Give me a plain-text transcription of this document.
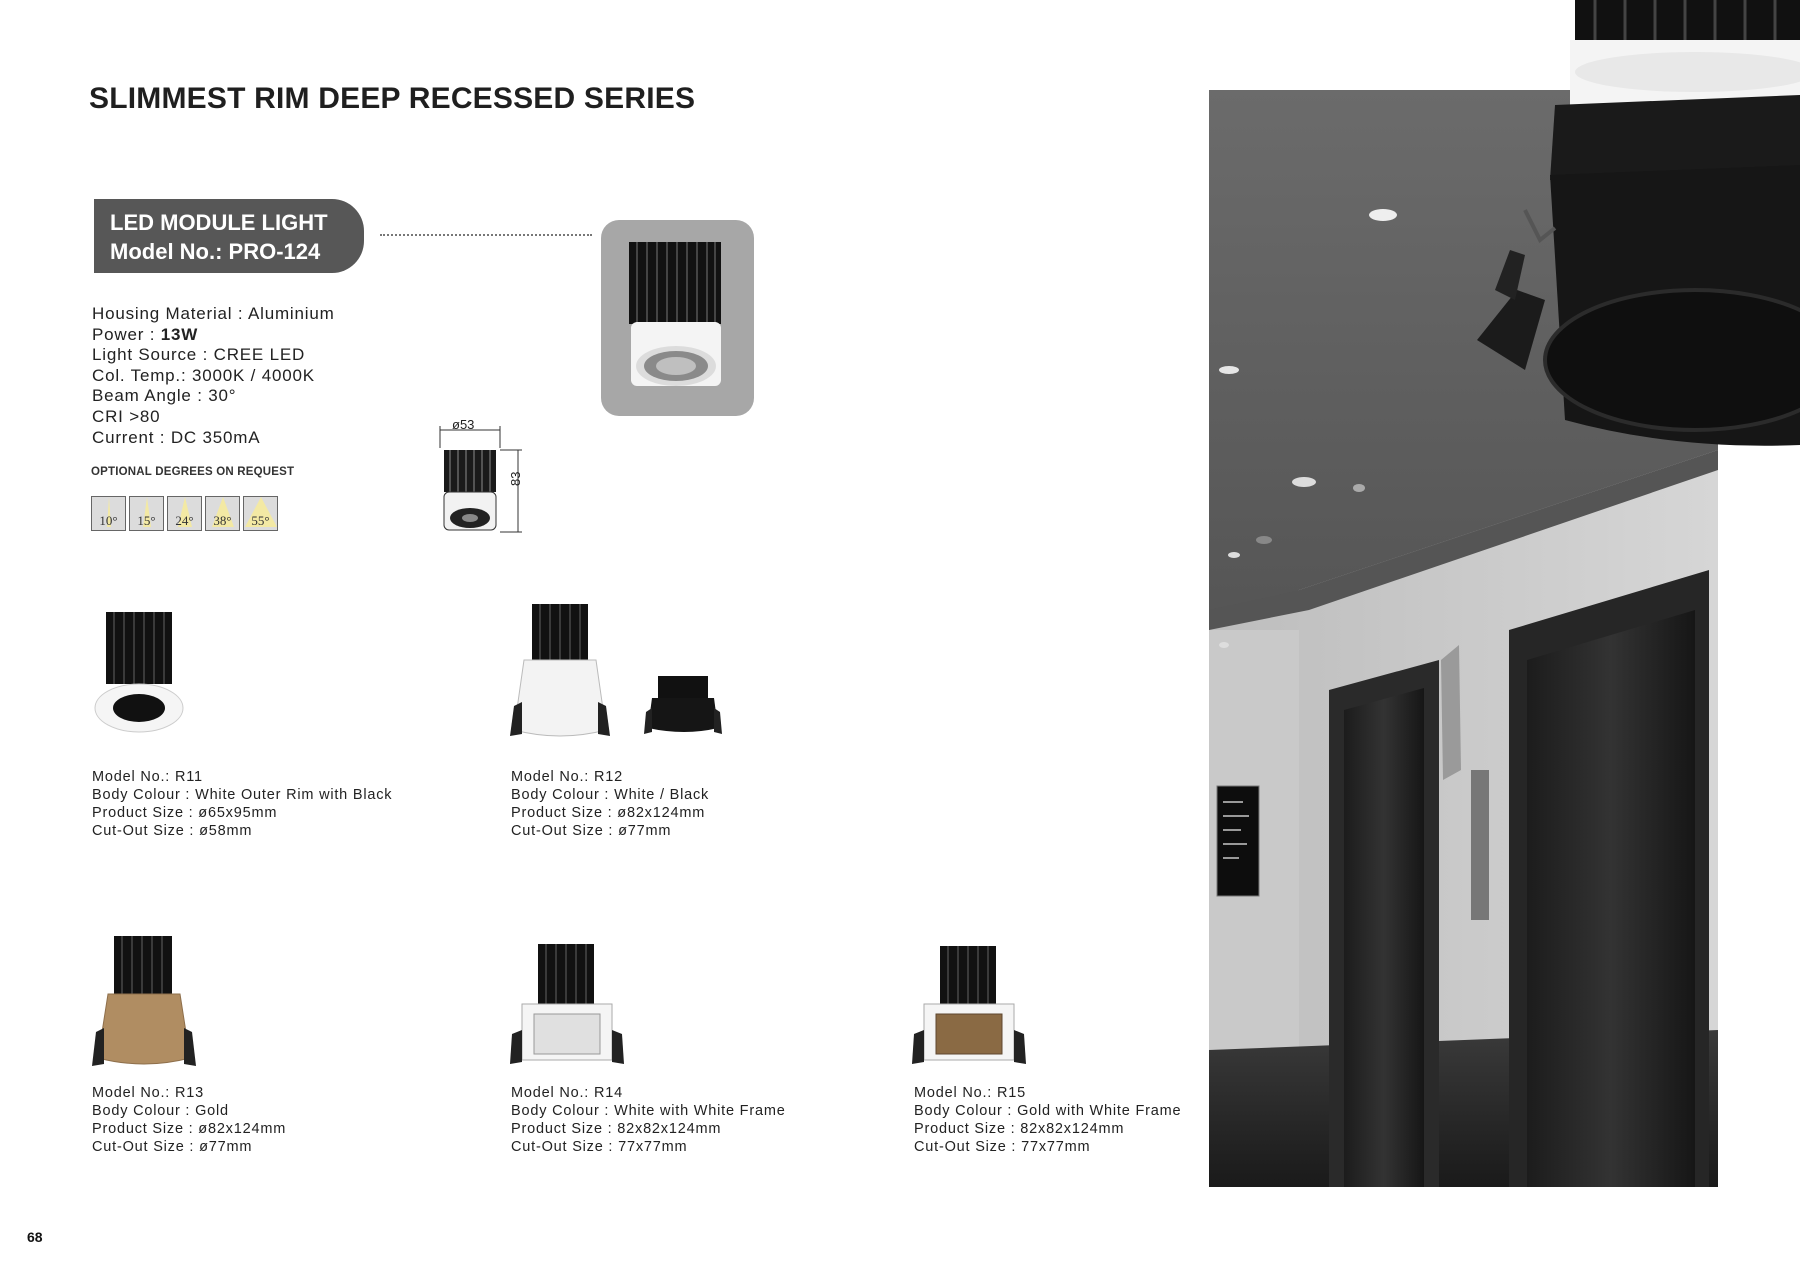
SLIMMEST RIM DEEP RECESSED SERIES
LED MODULE LIGHT
Model No.: PRO-124
Housing Material : Aluminium
Power : 13W
Light Source : CREE LED
Col. Temp.: 3000K / 4000K
Beam Angle : 30°
CRI >80
Current : DC 350mA
OPTIONAL DEGREES ON REQUEST
10°	15°	24°	38°	55°
ø53
83
Model No.: R11
Body Colour : White Outer Rim with Black
Product Size : ø65x95mm
Cut-Out Size : ø58mm
Model No.: R12
Body Colour : White / Black
Product Size : ø82x124mm
Cut-Out Size : ø77mm
Model No.: R13
Body Colour : Gold
Product Size : ø82x124mm
Cut-Out Size : ø77mm
Model No.: R14
Body Colour : White with White Frame
Product Size : 82x82x124mm
Cut-Out Size : 77x77mm
Model No.: R15
Body Colour : Gold with White Frame
Product Size : 82x82x124mm
Cut-Out Size : 77x77mm
68
